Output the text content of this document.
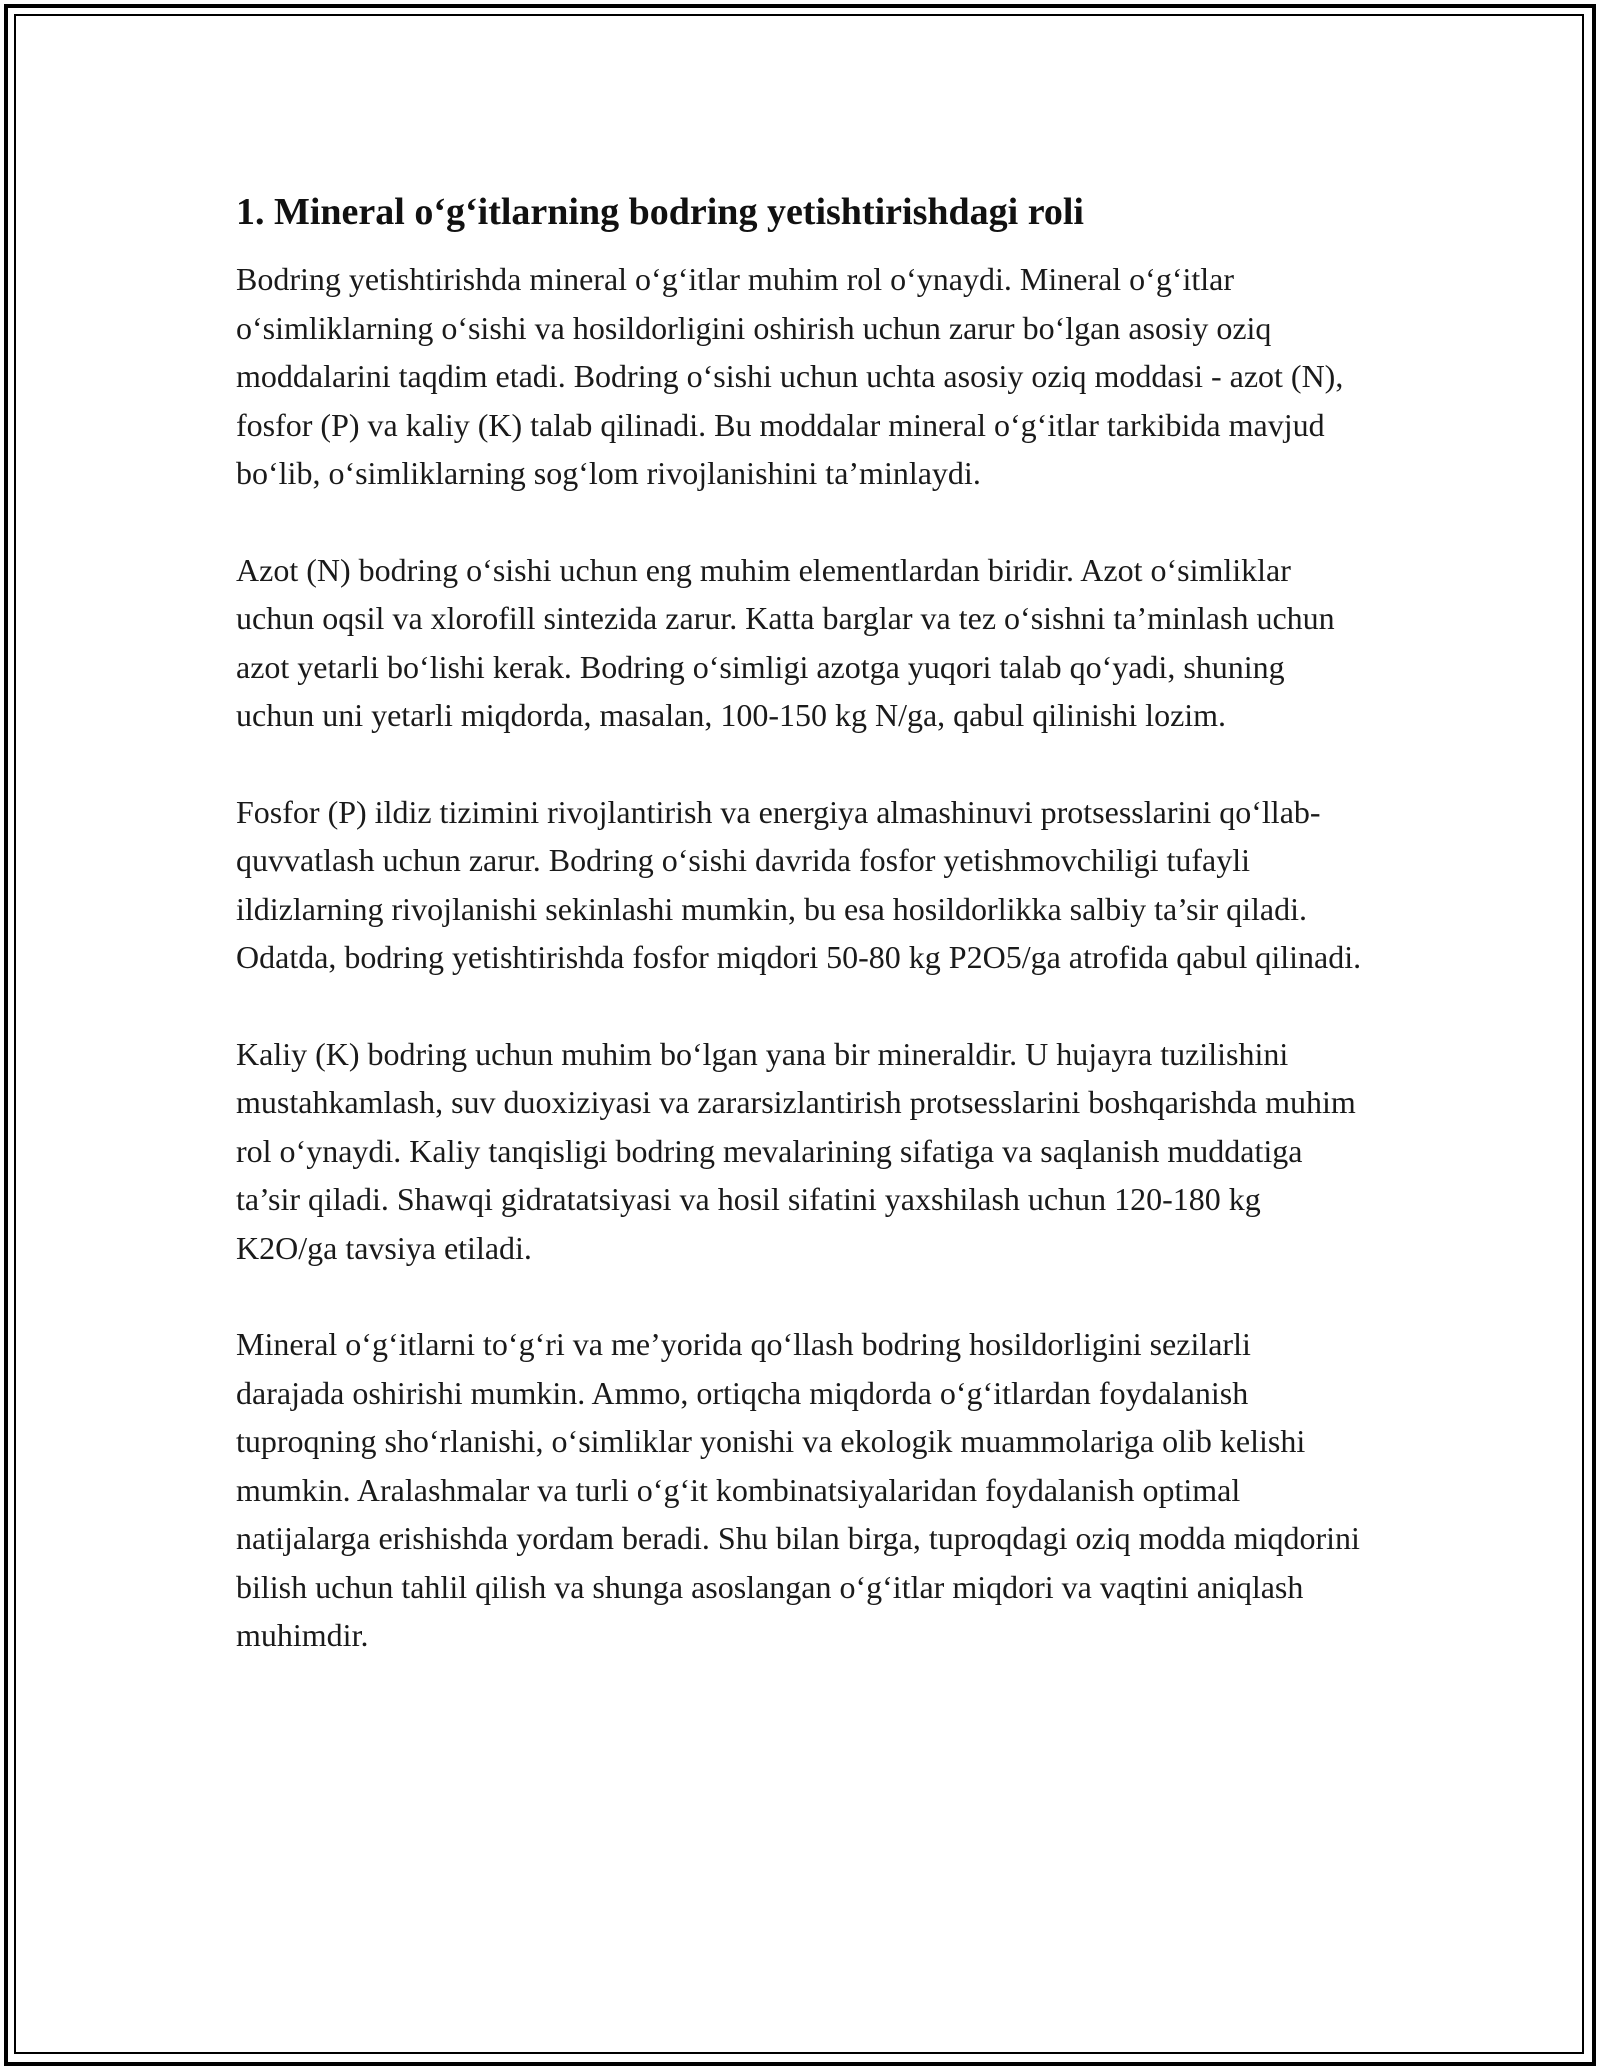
1. Mineral o‘g‘itlarning bodring yetishtirishdagi roli

Bodring yetishtirishda mineral o‘g‘itlar muhim rol o‘ynaydi. Mineral o‘g‘itlar o‘simliklarning o‘sishi va hosildorligini oshirish uchun zarur bo‘lgan asosiy oziq moddalarini taqdim etadi. Bodring o‘sishi uchun uchta asosiy oziq moddasi - azot (N), fosfor (P) va kaliy (K) talab qilinadi. Bu moddalar mineral o‘g‘itlar tarkibida mavjud bo‘lib, o‘simliklarning sog‘lom rivojlanishini ta’minlaydi.

Azot (N) bodring o‘sishi uchun eng muhim elementlardan biridir. Azot o‘simliklar uchun oqsil va xlorofill sintezida zarur. Katta barglar va tez o‘sishni ta’minlash uchun azot yetarli bo‘lishi kerak. Bodring o‘simligi azotga yuqori talab qo‘yadi, shuning uchun uni yetarli miqdorda, masalan, 100-150 kg N/ga, qabul qilinishi lozim.

Fosfor (P) ildiz tizimini rivojlantirish va energiya almashinuvi protsesslarini qo‘llab-quvvatlash uchun zarur. Bodring o‘sishi davrida fosfor yetishmovchiligi tufayli ildizlarning rivojlanishi sekinlashi mumkin, bu esa hosildorlikka salbiy ta’sir qiladi. Odatda, bodring yetishtirishda fosfor miqdori 50-80 kg P2O5/ga atrofida qabul qilinadi.

Kaliy (K) bodring uchun muhim bo‘lgan yana bir mineraldir. U hujayra tuzilishini mustahkamlash, suv duoxiziyasi va zararsizlantirish protsesslarini boshqarishda muhim rol o‘ynaydi. Kaliy tanqisligi bodring mevalarining sifatiga va saqlanish muddatiga ta’sir qiladi. Shawqi gidratatsiyasi va hosil sifatini yaxshilash uchun 120-180 kg K2O/ga tavsiya etiladi.

Mineral o‘g‘itlarni to‘g‘ri va me’yorida qo‘llash bodring hosildorligini sezilarli darajada oshirishi mumkin. Ammo, ortiqcha miqdorda o‘g‘itlardan foydalanish tuproqning sho‘rlanishi, o‘simliklar yonishi va ekologik muammolariga olib kelishi mumkin. Aralashmalar va turli o‘g‘it kombinatsiyalaridan foydalanish optimal natijalarga erishishda yordam beradi. Shu bilan birga, tuproqdagi oziq modda miqdorini bilish uchun tahlil qilish va shunga asoslangan o‘g‘itlar miqdori va vaqtini aniqlash muhimdir.
